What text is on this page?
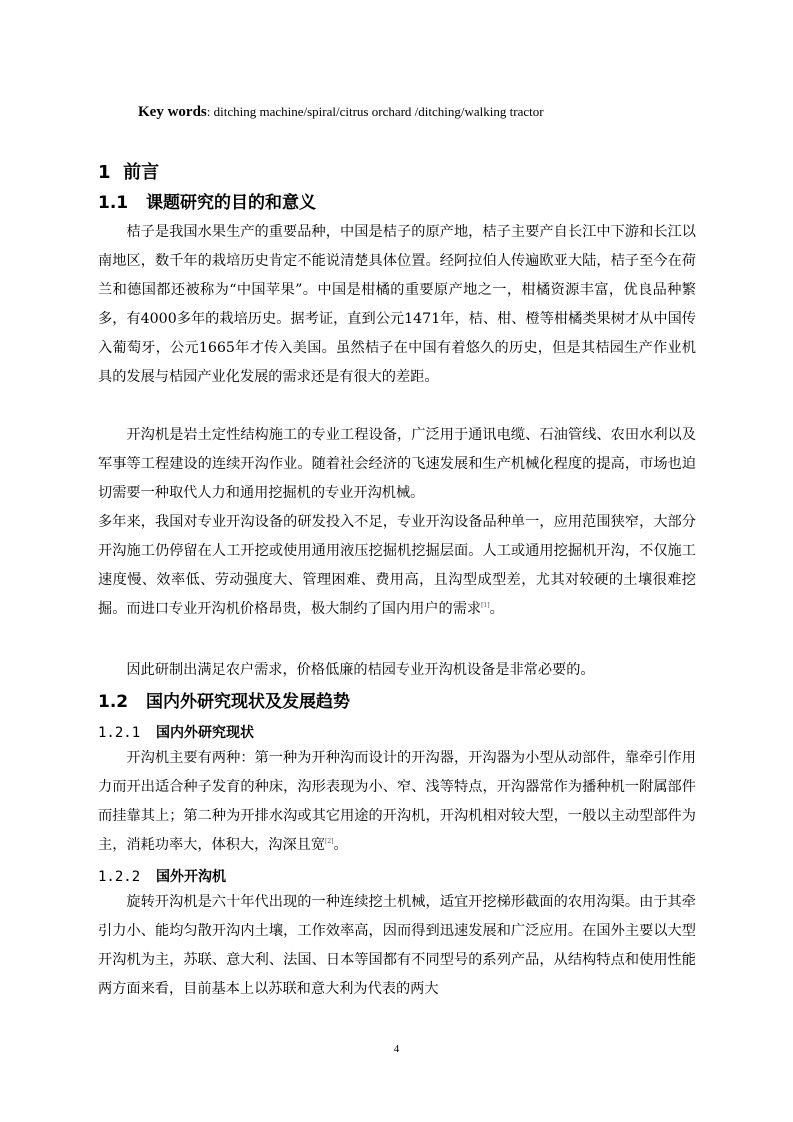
Key words: ditching machine/spiral/citrus orchard /ditching/walking tractor
1 前言
1.1 课题研究的目的和意义
桔子是我国水果生产的重要品种，中国是桔子的原产地，桔子主要产自长江中下游和长江以南地区，数千年的栽培历史肯定不能说清楚具体位置。经阿拉伯人传遍欧亚大陆，桔子至今在荷兰和德国都还被称为“中国苹果”。中国是柑橘的重要原产地之一，柑橘资源丰富，优良品种繁多，有4000多年的栽培历史。据考证，直到公元1471年，桔、柑、橙等柑橘类果树才从中国传入葡萄牙，公元1665年才传入美国。虽然桔子在中国有着悠久的历史，但是其桔园生产作业机具的发展与桔园产业化发展的需求还是有很大的差距。
开沟机是岩土定性结构施工的专业工程设备，广泛用于通讯电缆、石油管线、农田水利以及军事等工程建设的连续开沟作业。随着社会经济的飞速发展和生产机械化程度的提高，市场也迫切需要一种取代人力和通用挖掘机的专业开沟机械。
多年来，我国对专业开沟设备的研发投入不足，专业开沟设备品种单一，应用范围狭窄，大部分开沟施工仍停留在人工开挖或使用通用液压挖掘机挖掘层面。人工或通用挖掘机开沟，不仅施工速度慢、效率低、劳动强度大、管理困难、费用高，且沟型成型差，尤其对较硬的土壤很难挖掘。而进口专业开沟机价格昂贵，极大制约了国内用户的需求[1]。
因此研制出满足农户需求，价格低廉的桔园专业开沟机设备是非常必要的。
1.2 国内外研究现状及发展趋势
1.2.1 国内外研究现状
开沟机主要有两种：第一种为开种沟而设计的开沟器，开沟器为小型从动部件，靠牵引作用力而开出适合种子发育的种床，沟形表现为小、窄、浅等特点，开沟器常作为播种机一附属部件而挂靠其上；第二种为开排水沟或其它用途的开沟机，开沟机相对较大型，一般以主动型部件为主，消耗功率大，体积大，沟深且宽[2]。
1.2.2 国外开沟机
旋转开沟机是六十年代出现的一种连续挖土机械，适宜开挖梯形截面的农用沟渠。由于其牵引力小、能均匀散开沟内土壤，工作效率高，因而得到迅速发展和广泛应用。在国外主要以大型开沟机为主，苏联、意大利、法国、日本等国都有不同型号的系列产品，从结构特点和使用性能两方面来看，目前基本上以苏联和意大利为代表的两大
4
